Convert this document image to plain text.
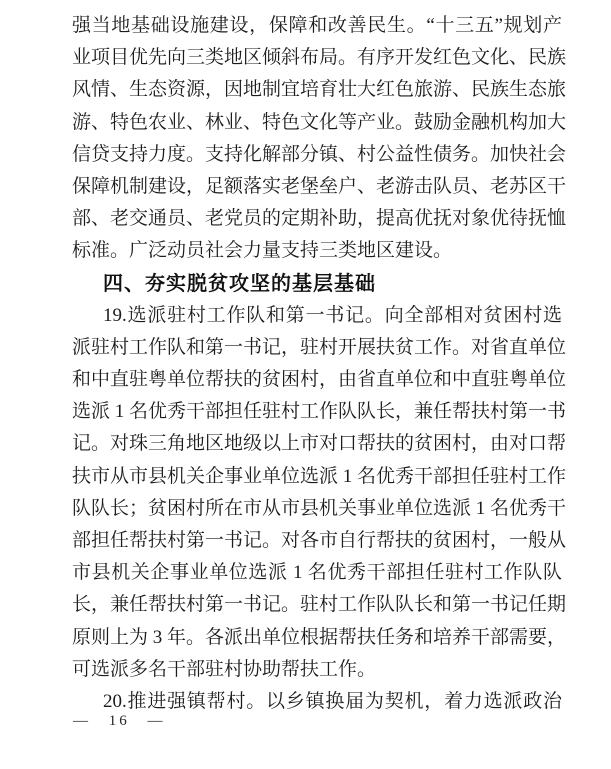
强当地基础设施建设，保障和改善民生。“十三五”规划产
业项目优先向三类地区倾斜布局。有序开发红色文化、民族
风情、生态资源，因地制宜培育壮大红色旅游、民族生态旅
游、特色农业、林业、特色文化等产业。鼓励金融机构加大
信贷支持力度。支持化解部分镇、村公益性债务。加快社会
保障机制建设，足额落实老堡垒户、老游击队员、老苏区干
部、老交通员、老党员的定期补助，提高优抚对象优待抚恤
标准。广泛动员社会力量支持三类地区建设。
四、夯实脱贫攻坚的基层基础
19.选派驻村工作队和第一书记。向全部相对贫困村选
派驻村工作队和第一书记，驻村开展扶贫工作。对省直单位
和中直驻粤单位帮扶的贫困村，由省直单位和中直驻粤单位
选派 1 名优秀干部担任驻村工作队队长，兼任帮扶村第一书
记。对珠三角地区地级以上市对口帮扶的贫困村，由对口帮
扶市从市县机关企事业单位选派 1 名优秀干部担任驻村工作
队队长；贫困村所在市从市县机关事业单位选派 1 名优秀干
部担任帮扶村第一书记。对各市自行帮扶的贫困村，一般从
市县机关企事业单位选派 1 名优秀干部担任驻村工作队队
长，兼任帮扶村第一书记。驻村工作队队长和第一书记任期
原则上为 3 年。各派出单位根据帮扶任务和培养干部需要，
可选派多名干部驻村协助帮扶工作。
20.推进强镇帮村。以乡镇换届为契机，着力选派政治
— 16 —
